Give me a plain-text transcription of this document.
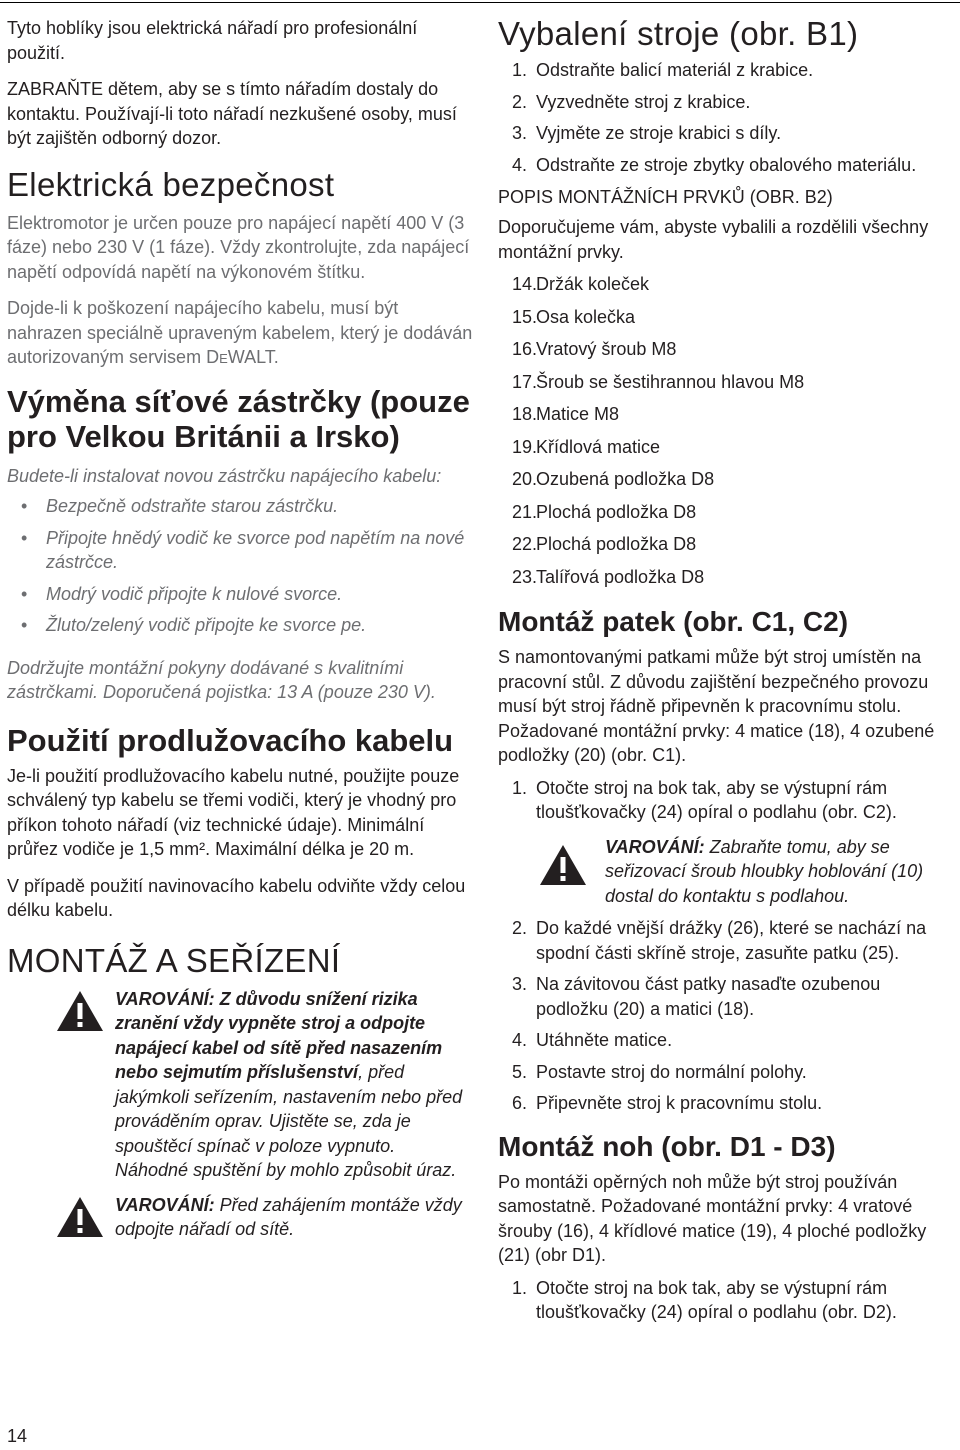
Tyto hoblíky jsou elektrická nářadí pro profesionální použití.

ZABRAŇTE dětem, aby se s tímto nářadím dostaly do kontaktu. Používají-li toto nářadí nezkušené osoby, musí být zajištěn odborný dozor.

Elektrická bezpečnost

Elektromotor je určen pouze pro napájecí napětí 400 V (3 fáze) nebo 230 V (1 fáze). Vždy zkontrolujte, zda napájecí napětí odpovídá napětí na výkonovém štítku.

Dojde-li k poškození napájecího kabelu, musí být nahrazen speciálně upraveným kabelem, který je dodáván autorizovaným servisem DEWALT.

Výměna síťové zástrčky (pouze pro Velkou Británii a Irsko)

Budete-li instalovat novou zástrčku napájecího kabelu:

• Bezpečně odstraňte starou zástrčku.
• Připojte hnědý vodič ke svorce pod napětím na nové zástrčce.
• Modrý vodič připojte k nulové svorce.
• Žluto/zelený vodič připojte ke svorce pe.

Dodržujte montážní pokyny dodávané s kvalitními zástrčkami. Doporučená pojistka: 13 A (pouze 230 V).

Použití prodlužovacího kabelu

Je-li použití prodlužovacího kabelu nutné, použijte pouze schválený typ kabelu se třemi vodiči, který je vhodný pro příkon tohoto nářadí (viz technické údaje). Minimální průřez vodiče je 1,5 mm². Maximální délka je 20 m.

V případě použití navinovacího kabelu odviňte vždy celou délku kabelu.

MONTÁŽ A SEŘÍZENÍ

VAROVÁNÍ: Z důvodu snížení rizika zranění vždy vypněte stroj a odpojte napájecí kabel od sítě před nasazením nebo sejmutím příslušenství, před jakýmkoli seřízením, nastavením nebo před prováděním oprav. Ujistěte se, zda je spouštěcí spínač v poloze vypnuto. Náhodné spuštění by mohlo způsobit úraz.

VAROVÁNÍ: Před zahájením montáže vždy odpojte nářadí od sítě.

Vybalení stroje (obr. B1)
1. Odstraňte balicí materiál z krabice.
2. Vyzvedněte stroj z krabice.
3. Vyjměte ze stroje krabici s díly.
4. Odstraňte ze stroje zbytky obalového materiálu.

POPIS MONTÁŽNÍCH PRVKŮ (OBR. B2)

Doporučujeme vám, abyste vybalili a rozdělili všechny montážní prvky.

14.
Držák koleček
15.
Osa kolečka
16.
Vratový šroub M8
17.
Šroub se šestihrannou hlavou M8
18.
Matice M8
19.
Křídlová matice
20.
Ozubená podložka D8
21.
Plochá podložka D8
22.
Plochá podložka D8
23.
Talířová podložka D8
Montáž patek (obr. C1, C2)

S namontovanými patkami může být stroj umístěn na pracovní stůl. Z důvodu zajištění bezpečného provozu musí být stroj řádně připevněn k pracovnímu stolu. Požadované montážní prvky: 4 matice (18), 4 ozubené podložky (20) (obr. C1).

1. Otočte stroj na bok tak, aby se výstupní rám tloušťkovačky (24) opíral o podlahu (obr. C2).

VAROVÁNÍ: Zabraňte tomu, aby se seřizovací šroub hloubky hoblování (10) dostal do kontaktu s podlahou.

2. Do každé vnější drážky (26), které se nachází na spodní části skříně stroje, zasuňte patku (25).
3. Na závitovou část patky nasaďte ozubenou podložku (20) a matici (18).
4. Utáhněte matice.
5. Postavte stroj do normální polohy.
6. Připevněte stroj k pracovnímu stolu.
Montáž noh (obr. D1 - D3)

Po montáži opěrných noh může být stroj používán samostatně. Požadované montážní prvky: 4 vratové šrouby (16), 4 křídlové matice (19), 4 ploché podložky (21) (obr D1).

1. Otočte stroj na bok tak, aby se výstupní rám tloušťkovačky (24) opíral o podlahu (obr. D2).
14
